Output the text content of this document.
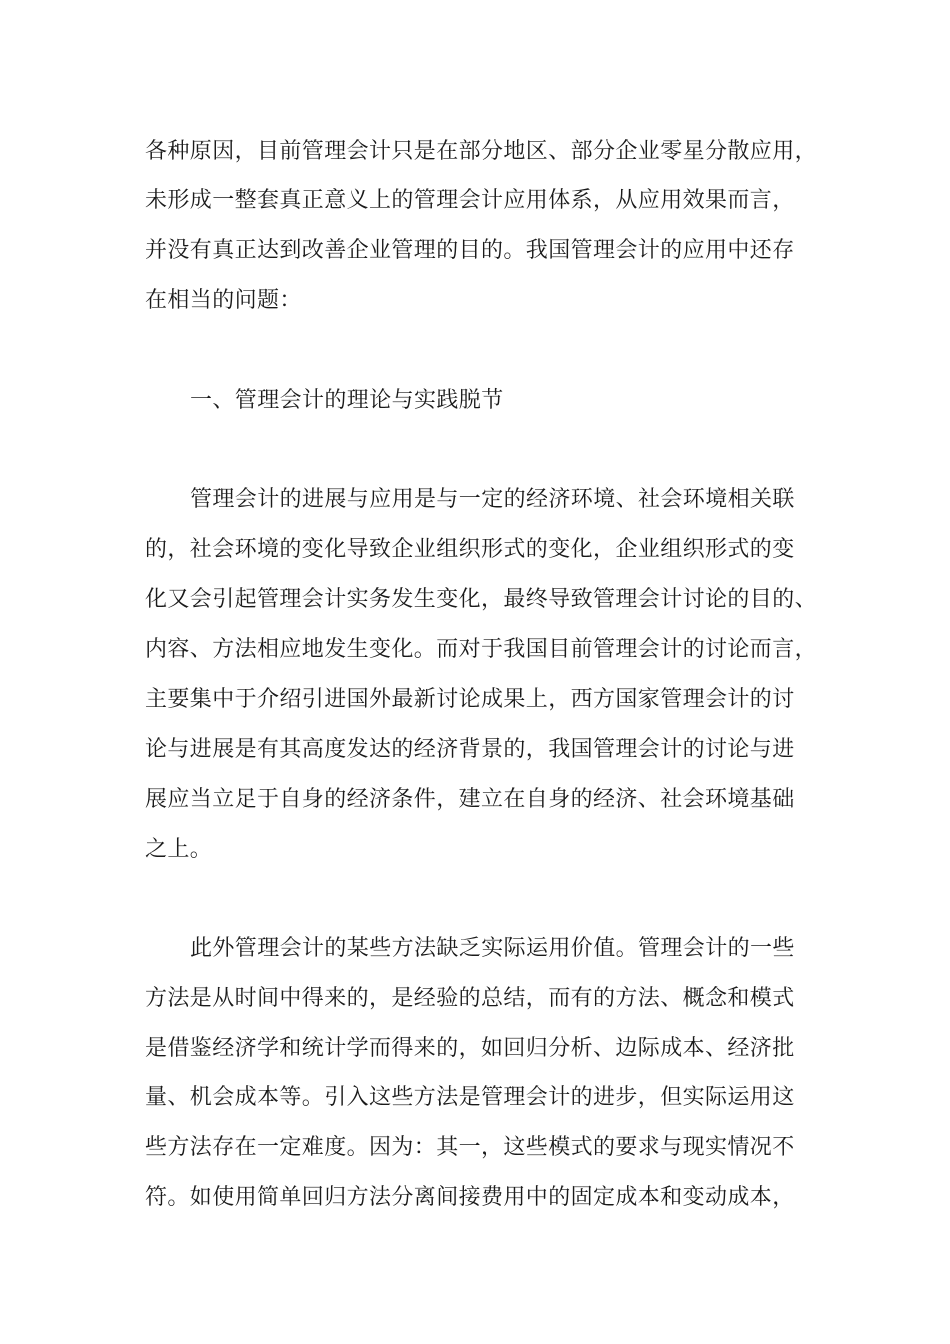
各种原因，目前管理会计只是在部分地区、部分企业零星分散应用，
未形成一整套真正意义上的管理会计应用体系，从应用效果而言，
并没有真正达到改善企业管理的目的。我国管理会计的应用中还存
在相当的问题：
一、管理会计的理论与实践脱节
管理会计的进展与应用是与一定的经济环境、社会环境相关联
的，社会环境的变化导致企业组织形式的变化，企业组织形式的变
化又会引起管理会计实务发生变化，最终导致管理会计讨论的目的、
内容、方法相应地发生变化。而对于我国目前管理会计的讨论而言，
主要集中于介绍引进国外最新讨论成果上，西方国家管理会计的讨
论与进展是有其高度发达的经济背景的，我国管理会计的讨论与进
展应当立足于自身的经济条件，建立在自身的经济、社会环境基础
之上。
此外管理会计的某些方法缺乏实际运用价值。管理会计的一些
方法是从时间中得来的，是经验的总结，而有的方法、概念和模式
是借鉴经济学和统计学而得来的，如回归分析、边际成本、经济批
量、机会成本等。引入这些方法是管理会计的进步，但实际运用这
些方法存在一定难度。因为：其一，这些模式的要求与现实情况不
符。如使用简单回归方法分离间接费用中的固定成本和变动成本，
